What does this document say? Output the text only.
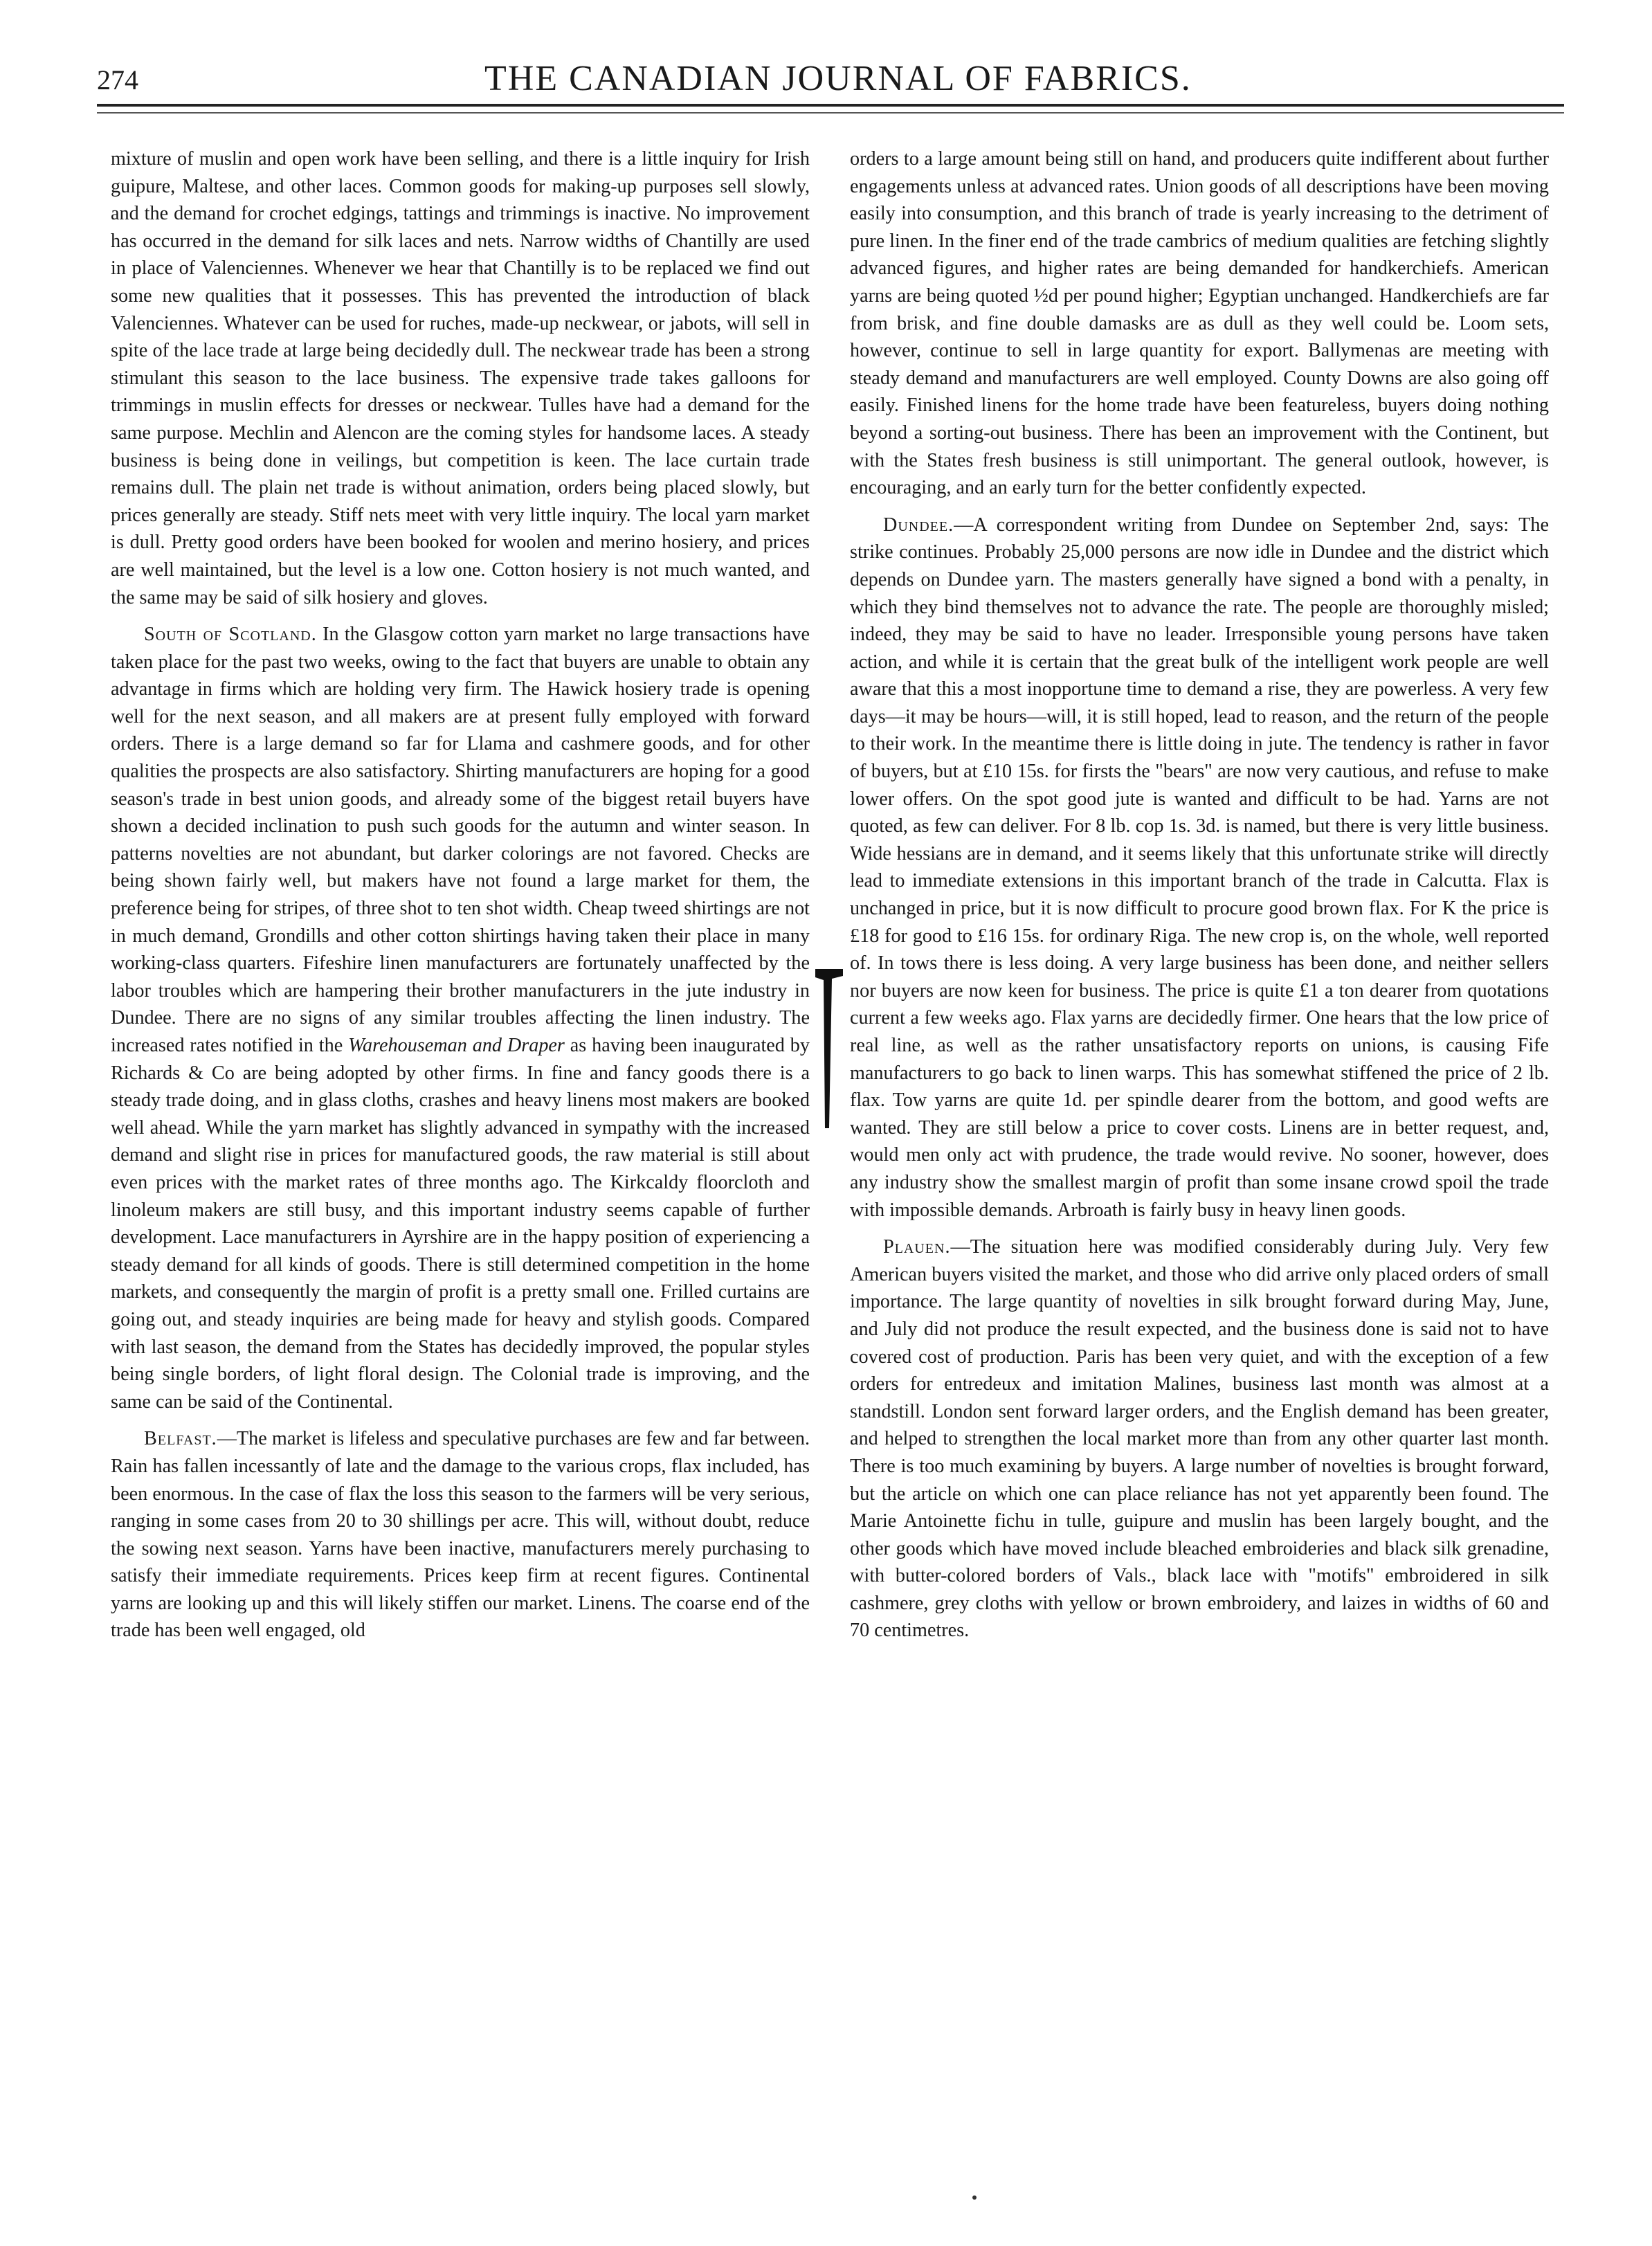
274	THE CANADIAN JOURNAL OF FABRICS.

mixture of muslin and open work have been selling, and there is a little inquiry for Irish guipure, Maltese, and other laces. Common goods for making-up purposes sell slowly, and the demand for crochet edgings, tattings and trimmings is inactive. No improvement has occurred in the demand for silk laces and nets. Narrow widths of Chantilly are used in place of Valenciennes. Whenever we hear that Chantilly is to be replaced we find out some new qualities that it possesses. This has prevented the introduction of black Valenciennes. Whatever can be used for ruches, made-up neckwear, or jabots, will sell in spite of the lace trade at large being decidedly dull. The neckwear trade has been a strong stimulant this season to the lace business. The expensive trade takes galloons for trimmings in muslin effects for dresses or neckwear. Tulles have had a demand for the same purpose. Mechlin and Alencon are the coming styles for handsome laces. A steady business is being done in veilings, but competition is keen. The lace curtain trade remains dull. The plain net trade is without animation, orders being placed slowly, but prices generally are steady. Stiff nets meet with very little inquiry. The local yarn market is dull. Pretty good orders have been booked for woolen and merino hosiery, and prices are well maintained, but the level is a low one. Cotton hosiery is not much wanted, and the same may be said of silk hosiery and gloves.

South of Scotland. In the Glasgow cotton yarn market no large transactions have taken place for the past two weeks, owing to the fact that buyers are unable to obtain any advantage in firms which are holding very firm. The Hawick hosiery trade is opening well for the next season, and all makers are at present fully employed with forward orders. There is a large demand so far for Llama and cashmere goods, and for other qualities the prospects are also satisfactory. Shirting manufacturers are hoping for a good season's trade in best union goods, and already some of the biggest retail buyers have shown a decided inclination to push such goods for the autumn and winter season. In patterns novelties are not abundant, but darker colorings are not favored. Checks are being shown fairly well, but makers have not found a large market for them, the preference being for stripes, of three shot to ten shot width. Cheap tweed shirtings are not in much demand, Grondills and other cotton shirtings having taken their place in many working-class quarters. Fifeshire linen manufacturers are fortunately unaffected by the labor troubles which are hampering their brother manufacturers in the jute industry in Dundee. There are no signs of any similar troubles affecting the linen industry. The increased rates notified in the Warehouseman and Draper as having been inaugurated by Richards & Co are being adopted by other firms. In fine and fancy goods there is a steady trade doing, and in glass cloths, crashes and heavy linens most makers are booked well ahead. While the yarn market has slightly advanced in sympathy with the increased demand and slight rise in prices for manufactured goods, the raw material is still about even prices with the market rates of three months ago. The Kirkcaldy floorcloth and linoleum makers are still busy, and this important industry seems capable of further development. Lace manufacturers in Ayrshire are in the happy position of experiencing a steady demand for all kinds of goods. There is still determined competition in the home markets, and consequently the margin of profit is a pretty small one. Frilled curtains are going out, and steady inquiries are being made for heavy and stylish goods. Compared with last season, the demand from the States has decidedly improved, the popular styles being single borders, of light floral design. The Colonial trade is improving, and the same can be said of the Continental.

Belfast.—The market is lifeless and speculative purchases are few and far between. Rain has fallen incessantly of late and the damage to the various crops, flax included, has been enormous. In the case of flax the loss this season to the farmers will be very serious, ranging in some cases from 20 to 30 shillings per acre. This will, without doubt, reduce the sowing next season. Yarns have been inactive, manufacturers merely purchasing to satisfy their immediate requirements. Prices keep firm at recent figures. Continental yarns are looking up and this will likely stiffen our market. Linens. The coarse end of the trade has been well engaged, old

orders to a large amount being still on hand, and producers quite indifferent about further engagements unless at advanced rates. Union goods of all descriptions have been moving easily into consumption, and this branch of trade is yearly increasing to the detriment of pure linen. In the finer end of the trade cambrics of medium qualities are fetching slightly advanced figures, and higher rates are being demanded for handkerchiefs. American yarns are being quoted ½d per pound higher; Egyptian unchanged. Handkerchiefs are far from brisk, and fine double damasks are as dull as they well could be. Loom sets, however, continue to sell in large quantity for export. Ballymenas are meeting with steady demand and manufacturers are well employed. County Downs are also going off easily. Finished linens for the home trade have been featureless, buyers doing nothing beyond a sorting-out business. There has been an improvement with the Continent, but with the States fresh business is still unimportant. The general outlook, however, is encouraging, and an early turn for the better confidently expected.

Dundee.—A correspondent writing from Dundee on September 2nd, says: The strike continues. Probably 25,000 persons are now idle in Dundee and the district which depends on Dundee yarn. The masters generally have signed a bond with a penalty, in which they bind themselves not to advance the rate. The people are thoroughly misled; indeed, they may be said to have no leader. Irresponsible young persons have taken action, and while it is certain that the great bulk of the intelligent work people are well aware that this a most inopportune time to demand a rise, they are powerless. A very few days—it may be hours—will, it is still hoped, lead to reason, and the return of the people to their work. In the meantime there is little doing in jute. The tendency is rather in favor of buyers, but at £10 15s. for firsts the "bears" are now very cautious, and refuse to make lower offers. On the spot good jute is wanted and difficult to be had. Yarns are not quoted, as few can deliver. For 8 lb. cop 1s. 3d. is named, but there is very little business. Wide hessians are in demand, and it seems likely that this unfortunate strike will directly lead to immediate extensions in this important branch of the trade in Calcutta. Flax is unchanged in price, but it is now difficult to procure good brown flax. For K the price is £18 for good to £16 15s. for ordinary Riga. The new crop is, on the whole, well reported of. In tows there is less doing. A very large business has been done, and neither sellers nor buyers are now keen for business. The price is quite £1 a ton dearer from quotations current a few weeks ago. Flax yarns are decidedly firmer. One hears that the low price of real line, as well as the rather unsatisfactory reports on unions, is causing Fife manufacturers to go back to linen warps. This has somewhat stiffened the price of 2 lb. flax. Tow yarns are quite 1d. per spindle dearer from the bottom, and good wefts are wanted. They are still below a price to cover costs. Linens are in better request, and, would men only act with prudence, the trade would revive. No sooner, however, does any industry show the smallest margin of profit than some insane crowd spoil the trade with impossible demands. Arbroath is fairly busy in heavy linen goods.

Plauen.—The situation here was modified considerably during July. Very few American buyers visited the market, and those who did arrive only placed orders of small importance. The large quantity of novelties in silk brought forward during May, June, and July did not produce the result expected, and the business done is said not to have covered cost of production. Paris has been very quiet, and with the exception of a few orders for entredeux and imitation Malines, business last month was almost at a standstill. London sent forward larger orders, and the English demand has been greater, and helped to strengthen the local market more than from any other quarter last month. There is too much examining by buyers. A large number of novelties is brought forward, but the article on which one can place reliance has not yet apparently been found. The Marie Antoinette fichu in tulle, guipure and muslin has been largely bought, and the other goods which have moved include bleached embroideries and black silk grenadine, with butter-colored borders of Vals., black lace with "motifs" embroidered in silk cashmere, grey cloths with yellow or brown embroidery, and laizes in widths of 60 and 70 centimetres.
